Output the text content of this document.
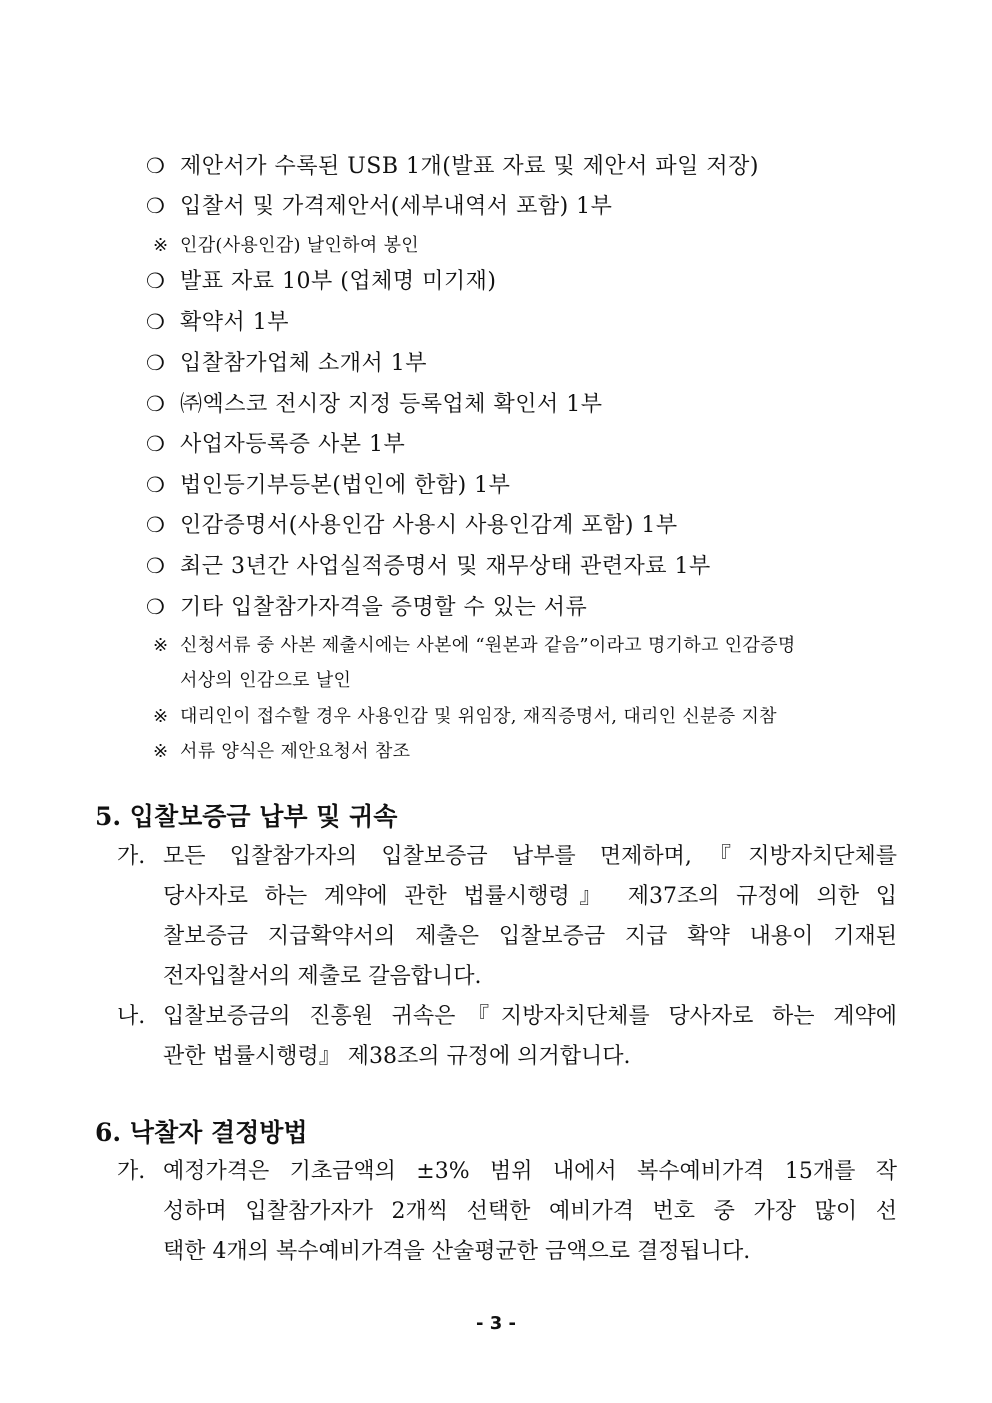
❍ 제안서가 수록된 USB 1개(발표 자료 및 제안서 파일 저장)
❍ 입찰서 및 가격제안서(세부내역서 포함) 1부
※ 인감(사용인감) 날인하여 봉인
❍ 발표 자료 10부 (업체명 미기재)
❍ 확약서 1부
❍ 입찰참가업체 소개서 1부
❍ ㈜엑스코 전시장 지정 등록업체 확인서 1부
❍ 사업자등록증 사본 1부
❍ 법인등기부등본(법인에 한함) 1부
❍ 인감증명서(사용인감 사용시 사용인감계 포함) 1부
❍ 최근 3년간 사업실적증명서 및 재무상태 관련자료 1부
❍ 기타 입찰참가자격을 증명할 수 있는 서류
※ 신청서류 중 사본 제출시에는 사본에 “원본과 같음”이라고 명기하고 인감증명
서상의 인감으로 날인
※ 대리인이 접수할 경우 사용인감 및 위임장, 재직증명서, 대리인 신분증 지참
※ 서류 양식은 제안요청서 참조
5. 입찰보증금 납부 및 귀속
가. 모든 입찰참가자의 입찰보증금 납부를 면제하며,『지방자치단체를
당사자로 하는 계약에 관한 법률시행령』 제37조의 규정에 의한 입
찰보증금 지급확약서의 제출은 입찰보증금 지급 확약 내용이 기재된
전자입찰서의 제출로 갈음합니다.
나. 입찰보증금의 진흥원 귀속은『지방자치단체를 당사자로 하는 계약에
관한 법률시행령』 제38조의 규정에 의거합니다.
6. 낙찰자 결정방법
가. 예정가격은 기초금액의 ±3% 범위 내에서 복수예비가격 15개를 작
성하며 입찰참가자가 2개씩 선택한 예비가격 번호 중 가장 많이 선
택한 4개의 복수예비가격을 산술평균한 금액으로 결정됩니다.
- 3 -
